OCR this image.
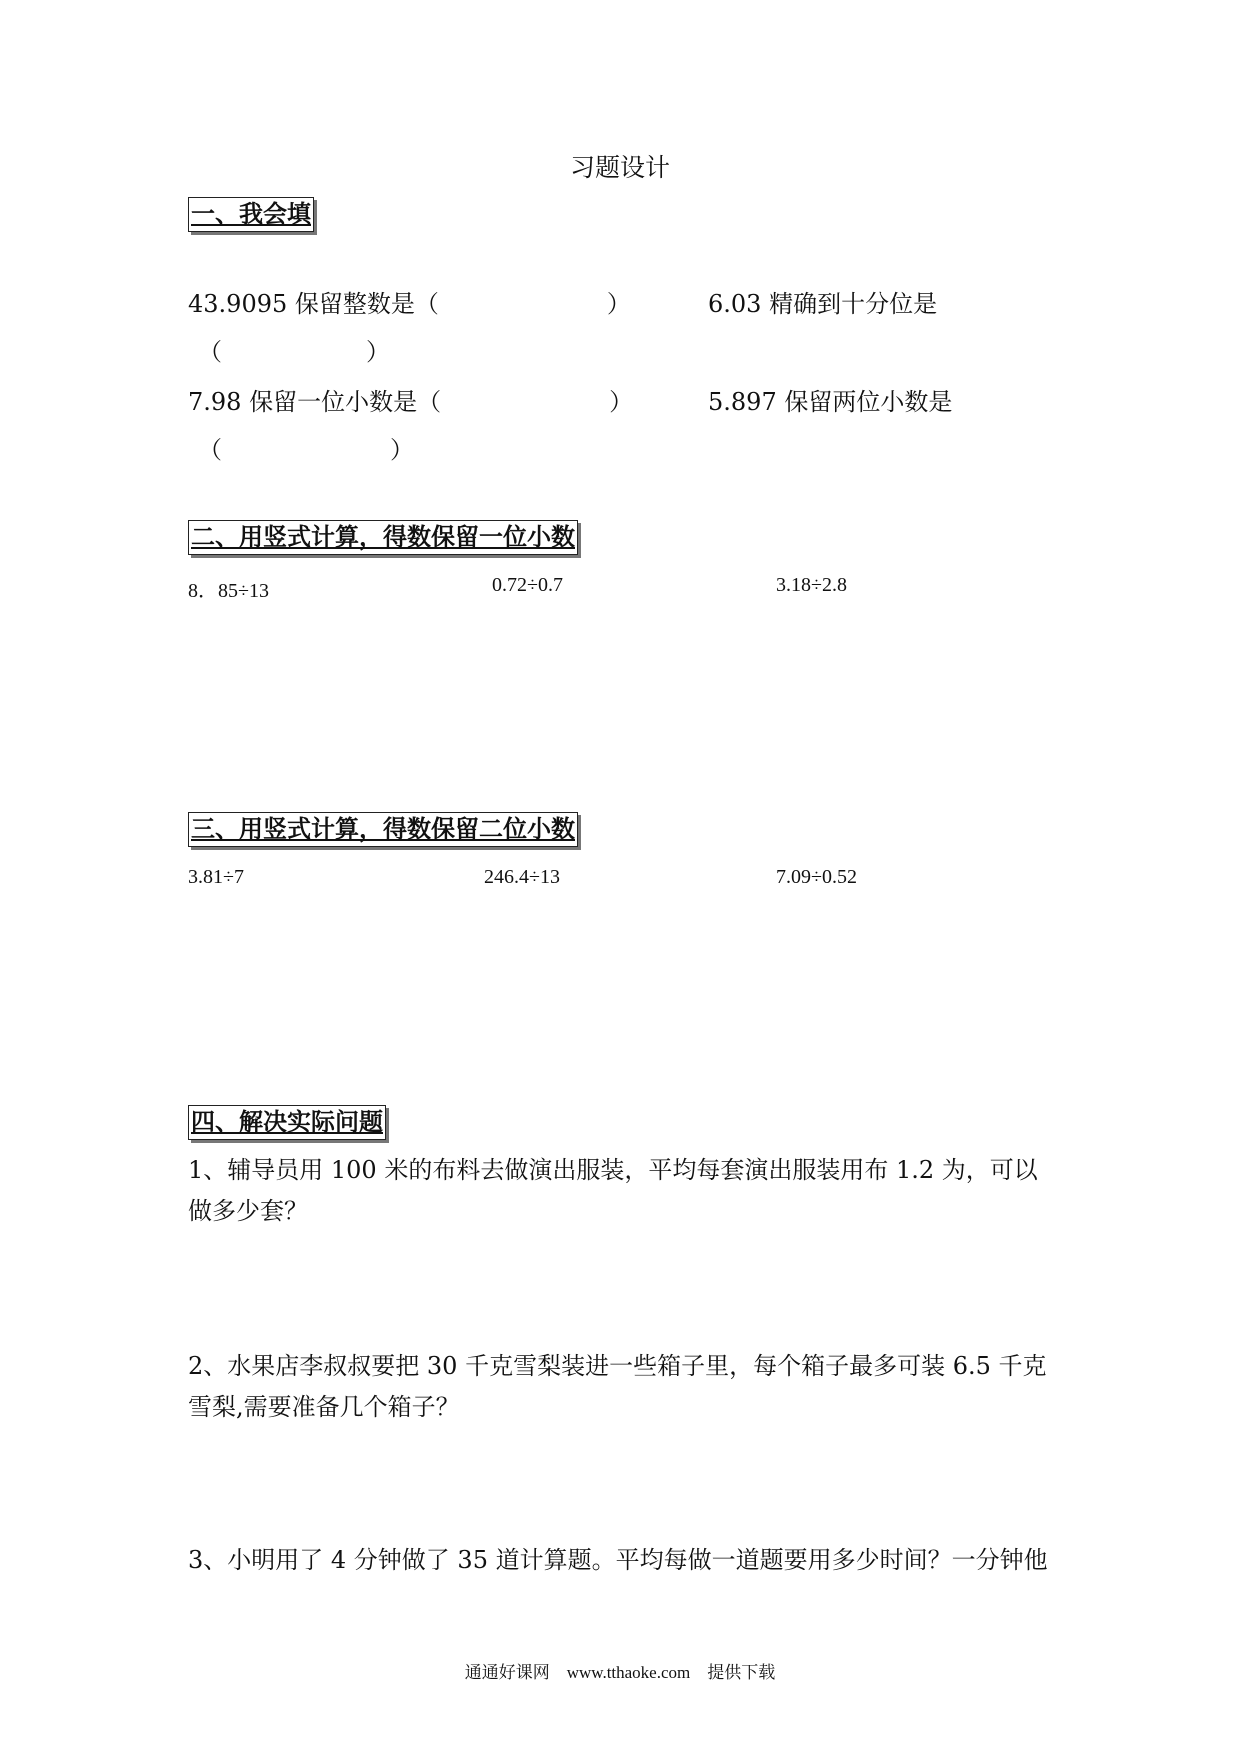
习题设计
一、我会填
43.9095 保留整数是（　　　　　　　）	6.03 精确到十分位是
（　　　　　　）
7.98 保留一位小数是（　　　　　　　）	5.897 保留两位小数是
（　　　　　　　）
二、用竖式计算，得数保留一位小数
8．85÷13	0.72÷0.7	3.18÷2.8
三、用竖式计算，得数保留二位小数
3.81÷7	246.4÷13	7.09÷0.52
四、解决实际问题
1、辅导员用 100 米的布料去做演出服装，平均每套演出服装用布 1.2 为，可以做多少套？
2、水果店李叔叔要把 30 千克雪梨装进一些箱子里，每个箱子最多可装 6.5 千克雪梨,需要准备几个箱子？
3、小明用了 4 分钟做了 35 道计算题。平均每做一道题要用多少时间？一分钟他
通通好课网　www.tthaoke.com　提供下载
